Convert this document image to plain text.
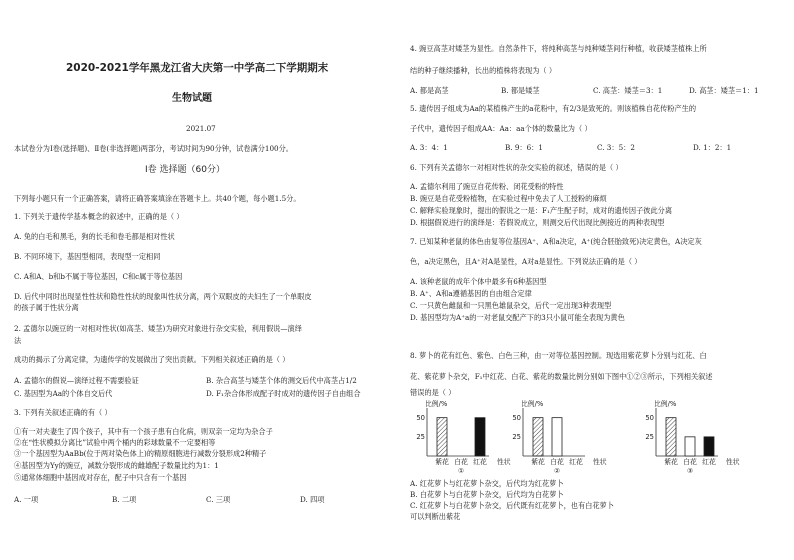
2020-2021学年黑龙江省大庆第一中学高二下学期期末
生物试题
2021.07
本试卷分为Ⅰ卷(选择题)、Ⅱ卷(非选择题)两部分，考试时间为90分钟，试卷满分100分。
Ⅰ卷 选择题（60分）
下列每小题只有一个正确答案，请将正确答案填涂在答题卡上。共40个题，每小题1.5分。
1. 下列关于遗传学基本概念的叙述中，正确的是（ ）
A. 兔的白毛和黑毛，狗的长毛和卷毛都是相对性状
B. 不同环境下，基因型相同，表现型一定相同
C. A和A、b和b不属于等位基因，C和c属于等位基因
D. 后代中同时出现显性性状和隐性性状的现象叫性状分离，两个双眼皮的夫妇生了一个单眼皮
的孩子属于性状分离
2. 孟德尔以豌豆的一对相对性状(如高茎、矮茎)为研究对象进行杂交实验，利用假说—演绎
法
成功的揭示了分离定律，为遗传学的发展做出了突出贡献。下列相关叙述正确的是（ ）
A. 孟德尔的假说—演绎过程不需要验证	B. 杂合高茎与矮茎个体的测交后代中高茎占1/2
C. 基因型为Aa的个体自交后代	D. F₁杂合体形成配子时成对的遗传因子自由组合
3. 下列有关叙述正确的有（ ）
①有一对夫妻生了四个孩子，其中有一个孩子患有白化病，则双亲一定均为杂合子
②在“性状模拟分离比”试验中两个桶内的彩球数量不一定要相等
③一个基因型为AaBb(位于两对染色体上)的精原细胞进行减数分裂形成2种精子
④基因型为Yy的豌豆，减数分裂形成的雌雄配子数量比约为1：1
⑤通常体细胞中基因成对存在，配子中只含有一个基因
A. 一项	B. 二项	C. 三项	D. 四项
4. 豌豆高茎对矮茎为显性。自然条件下，将纯种高茎与纯种矮茎间行种植，收获矮茎植株上所
结的种子继续播种，长出的植株将表现为（ ）
A. 都是高茎	B. 都是矮茎	C. 高茎：矮茎＝3：1	D. 高茎：矮茎＝1：1
5. 遗传因子组成为Aa的某植株产生的a花粉中，有2/3是致死的。则该植株自花传粉产生的
子代中，遗传因子组成AA：Aa：aa个体的数量比为（ ）
A. 3：4：1	B. 9：6：1	C. 3：5：2	D. 1：2：1
6. 下列有关孟德尔一对相对性状的杂交实验的叙述，错误的是（ ）
A. 孟德尔利用了豌豆自花传粉、闭花受粉的特性
B. 豌豆是自花受粉植物，在实验过程中免去了人工授粉的麻烦
C. 解释实验现象时，提出的假说之一是：F₁产生配子时，成对的遗传因子彼此分离
D. 根据假说进行的演绎是：若假说成立，则测交后代出现比例接近的两种表现型
7. 已知某种老鼠的体色由复等位基因A⁺、A和a决定，A⁺(纯合胚胎致死)决定黄色，A决定灰
色，a决定黑色，且A⁺对A是显性，A对a是显性。下列说法正确的是（ ）
A. 该种老鼠的成年个体中最多有6种基因型
B. A⁺、A和a遵循基因的自由组合定律
C. 一只黄色雌鼠和一只黑色雄鼠杂交，后代一定出现3种表现型
D. 基因型均为A⁺a的一对老鼠交配产下的3只小鼠可能全表现为黄色
8. 萝卜的花有红色、紫色、白色三种，由一对等位基因控制。现选用紫花萝卜分别与红花、白
花、紫花萝卜杂交，F₁中红花、白花、紫花的数量比例分别如下图中①②③所示，下列相关叙述
错误的是（ ）
比例/%
25
50
紫花 白花 红花 性状
①
比例/%
25
50
紫花 白花 红花 性状
②
比例/%
25
50
紫花 白花 红花 性状
③
A. 红花萝卜与红花萝卜杂交，后代均为红花萝卜
B. 白花萝卜与白花萝卜杂交，后代均为白花萝卜
C. 红花萝卜与白花萝卜杂交，后代既有红花萝卜，也有白花萝卜
可以判断出紫花
